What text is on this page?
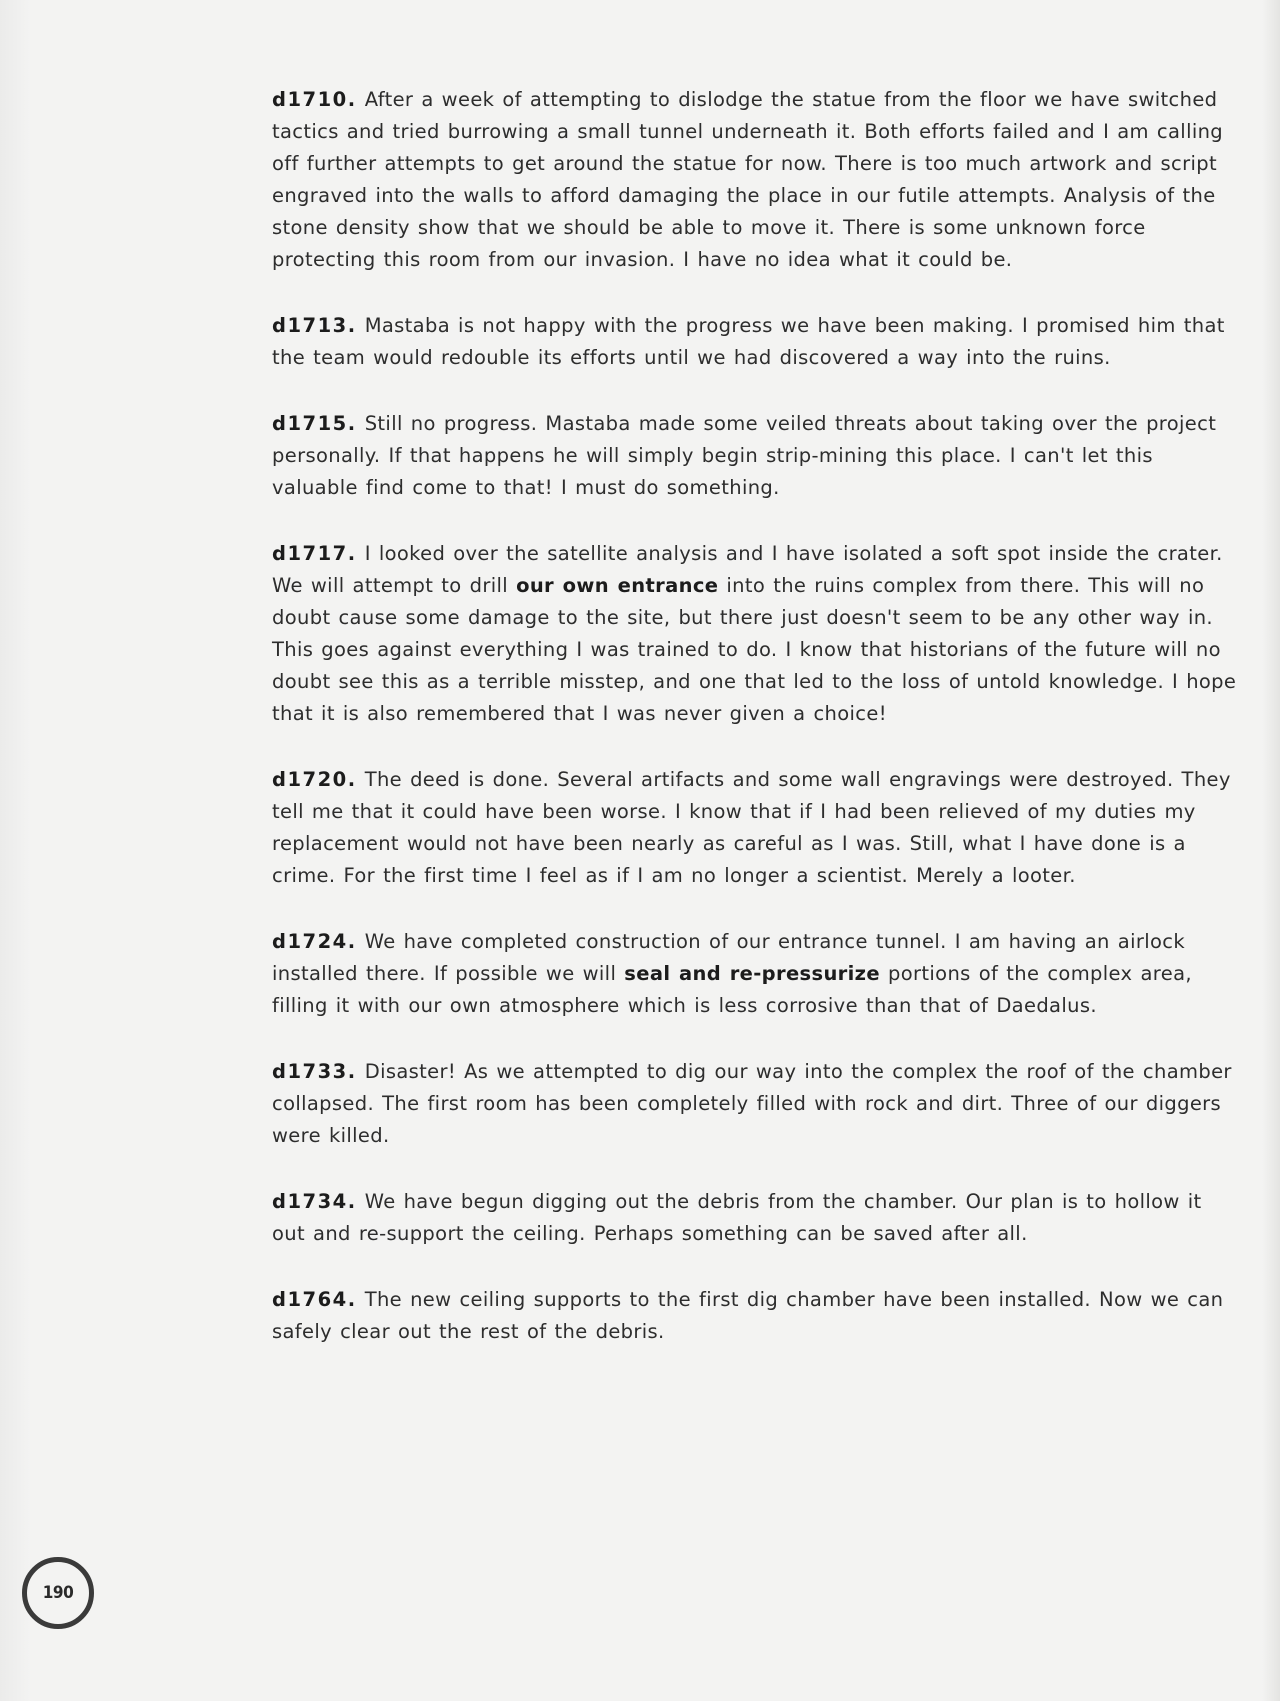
d1710. After a week of attempting to dislodge the statue from the floor we have switched tactics and tried burrowing a small tunnel underneath it. Both efforts failed and I am calling off further attempts to get around the statue for now. There is too much artwork and script engraved into the walls to afford damaging the place in our futile attempts. Analysis of the stone density show that we should be able to move it. There is some unknown force protecting this room from our invasion. I have no idea what it could be.

d1713. Mastaba is not happy with the progress we have been making. I promised him that the team would redouble its efforts until we had discovered a way into the ruins.

d1715. Still no progress. Mastaba made some veiled threats about taking over the project personally. If that happens he will simply begin strip-mining this place. I can't let this valuable find come to that! I must do something.

d1717. I looked over the satellite analysis and I have isolated a soft spot inside the crater. We will attempt to drill our own entrance into the ruins complex from there. This will no doubt cause some damage to the site, but there just doesn't seem to be any other way in. This goes against everything I was trained to do. I know that historians of the future will no doubt see this as a terrible misstep, and one that led to the loss of untold knowledge. I hope that it is also remembered that I was never given a choice!

d1720. The deed is done. Several artifacts and some wall engravings were destroyed. They tell me that it could have been worse. I know that if I had been relieved of my duties my replacement would not have been nearly as careful as I was. Still, what I have done is a crime. For the first time I feel as if I am no longer a scientist. Merely a looter.

d1724. We have completed construction of our entrance tunnel. I am having an airlock installed there. If possible we will seal and re-pressurize portions of the complex area, filling it with our own atmosphere which is less corrosive than that of Daedalus.

d1733. Disaster! As we attempted to dig our way into the complex the roof of the chamber collapsed. The first room has been completely filled with rock and dirt. Three of our diggers were killed.

d1734. We have begun digging out the debris from the chamber. Our plan is to hollow it out and re-support the ceiling. Perhaps something can be saved after all.

d1764. The new ceiling supports to the first dig chamber have been installed. Now we can safely clear out the rest of the debris.

190
